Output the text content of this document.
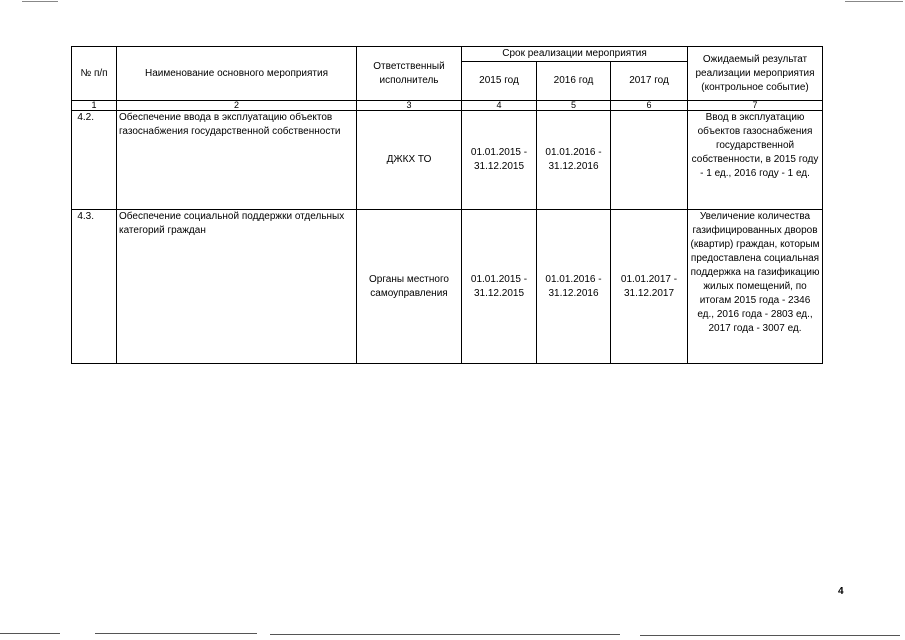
№ п/п	Наименование основного мероприятия	Ответственный исполнитель	Срок реализации мероприятия			Ожидаемый результат реализации мероприятия (контрольное событие)
			2015 год	2016 год	2017 год	
1	2	3	4	5	6	7
4.2.	Обеспечение ввода в эксплуатацию объектов газоснабжения государственной собственности	ДЖКХ ТО	01.01.2015 - 31.12.2015	01.01.2016 - 31.12.2016		Ввод в эксплуатацию объектов газоснабжения государственной собственности, в 2015 году - 1 ед., 2016 году - 1 ед.
4.3.	Обеспечение социальной поддержки отдельных категорий граждан	Органы местного самоуправления	01.01.2015 - 31.12.2015	01.01.2016 - 31.12.2016	01.01.2017 - 31.12.2017	Увеличение количества газифицированных дворов (квартир) граждан, которым предоставлена социальная поддержка на газификацию жилых помещений, по итогам 2015 года - 2346 ед., 2016 года - 2803 ед., 2017 года - 3007 ед.
4
